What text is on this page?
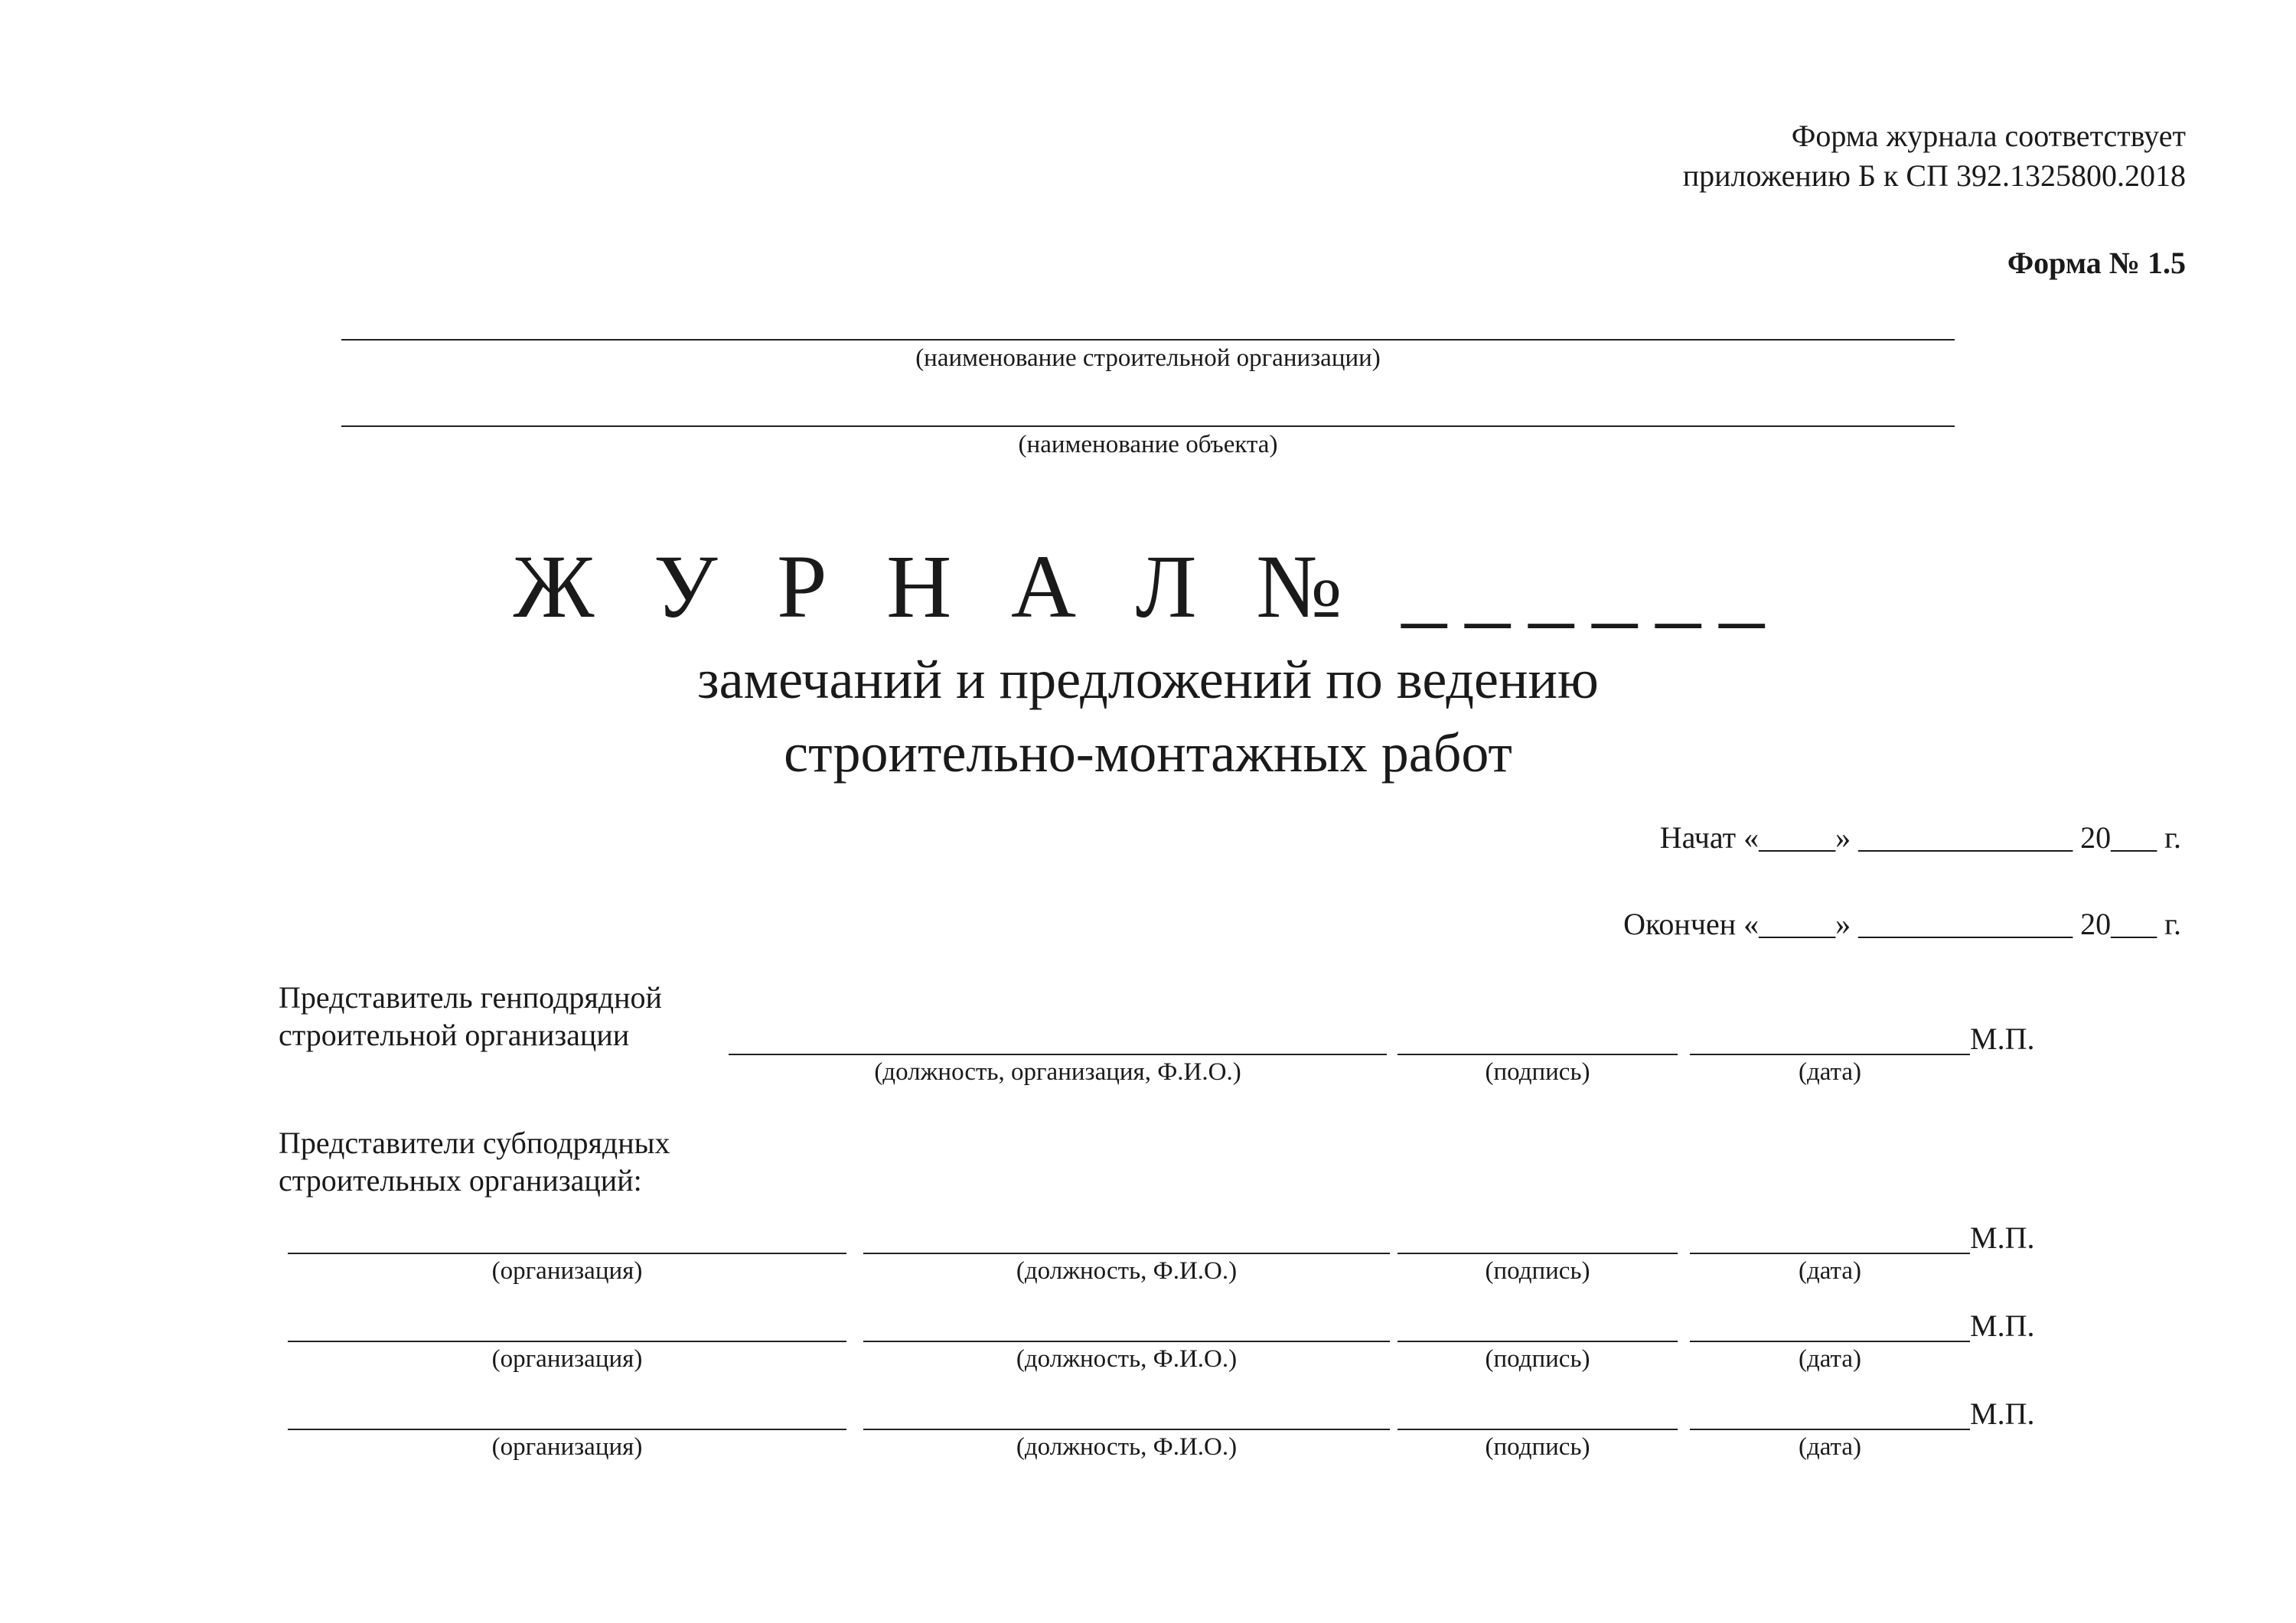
Форма журнала соответствует
приложению Б к СП 392.1325800.2018
Форма № 1.5
(наименование строительной организации)
(наименование объекта)
Ж У Р Н А Л № ______
замечаний и предложений по ведению
строительно-монтажных работ
Начат «_____» ______________ 20___ г.
Окончен «_____» ______________ 20___ г.
Представитель генподрядной
строительной организации	М.П.
(должность, организация, Ф.И.О.)	(подпись)	(дата)
Представители субподрядных
строительных организаций:
М.П.
(организация)	(должность, Ф.И.О.)	(подпись)	(дата)
М.П.
(организация)	(должность, Ф.И.О.)	(подпись)	(дата)
М.П.
(организация)	(должность, Ф.И.О.)	(подпись)	(дата)
